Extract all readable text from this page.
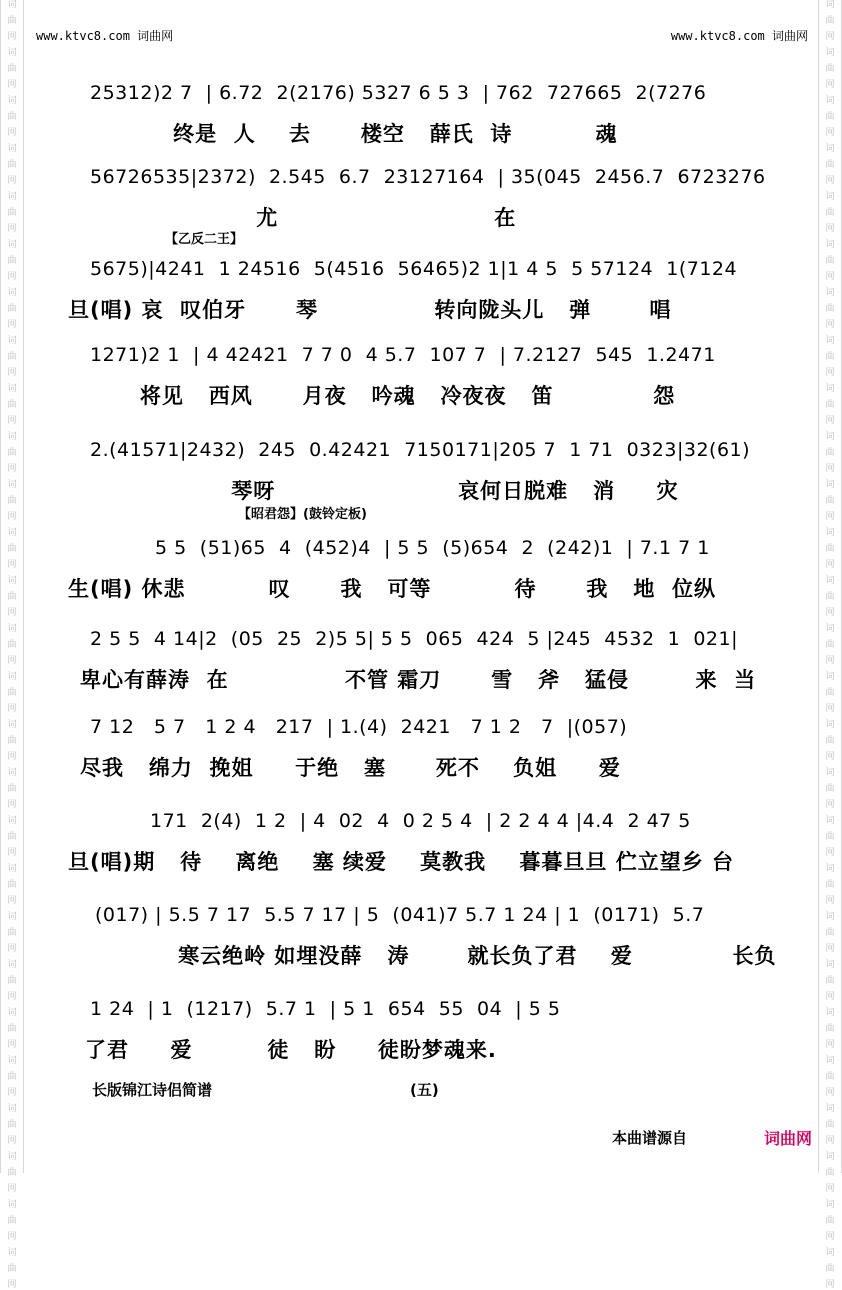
词
曲
网
词
曲
网
词
曲
网
词
曲
网
词
曲
网
词
曲
网
词
曲
网
词
曲
网
词
曲
网
词
曲
网
词
曲
网
词
曲
网
词
曲
网
词
曲
网
词
曲
网
词
曲
网
词
曲
网
词
曲
网
词
曲
网
词
曲
网
词
曲
网
词
曲
网
词
曲
网
词
曲
网
词
曲
网
词
曲
网
词
曲
网
词
曲
网
词
曲
网
词
曲
网
词
曲
网
词
曲
网
词
曲
网
词
曲
网
词
曲
网
词
曲
网
词
曲
网
词
曲
网
词
曲
网
词
曲
网
词
曲
网
词
曲
网
词
曲
网
词
曲
网
词
曲
网
词
曲
网
词
曲
网
词
曲
网
词
曲
网
词
曲
网
词
曲
网
词
曲
网
词
曲
网
词
曲
网
www.ktvc8.com 词曲网	www.ktvc8.com 词曲网
25312)2 7  | 6.72  2(2176) 5327 6 5 3  | 762  727665  2(7276
终是  人    去      楼空   薛氏  诗          魂
56726535|2372)  2.545  6.7  23127164  | 35(045  2456.7  6723276
尤                          在
【乙反二王】
5675)|4241  1 24516  5(4516  56465)2 1|1 4 5  5 57124  1(7124
旦(唱) 哀  叹伯牙      琴              转向陇头儿   弹       唱
1271)2 1  | 4 42421  7 7 0  4 5.7  107 7  | 7.2127  545  1.2471
将见   西风      月夜   吟魂   冷夜夜   笛            怨
2.(41571|2432)  245  0.42421  7150171|205 7  1 71  0323|32(61)
琴呀                      哀何日脱难   消     灾
【昭君怨】(鼓铃定板)
5 5  (51)65  4  (452)4  | 5 5  (5)654  2  (242)1  | 7.1 7 1
生(唱) 休悲          叹      我   可等          待      我   地  位纵
2 5 5  4 14|2  (05  25  2)5 5| 5 5  065  424  5 |245  4532  1  021|
卑心有薛涛  在              不管 霜刀      雪   斧   猛侵        来  当
7 12   5 7   1 2 4   217  | 1.(4)  2421   7 1 2   7  |(057)
尽我   绵力  挽姐     于绝   塞      死不    负姐     爱
171  2(4)  1 2  | 4  02  4  0 2 5 4  | 2 2 4 4 |4.4  2 47 5
旦(唱)期   待    离绝    塞 续爱    莫教我    暮暮旦旦 伫立望乡 台
(017) | 5.5 7 17  5.5 7 17 | 5  (041)7 5.7 1 24 | 1  (0171)  5.7
寒云绝岭 如埋没薛   涛       就长负了君    爱            长负
1 24  | 1  (1217)  5.7 1  | 5 1  654  55  04  | 5 5
了君     爱         徒   盼     徒盼梦魂来.
长版锦江诗侣简谱	(五)
本曲谱源自	词曲网
